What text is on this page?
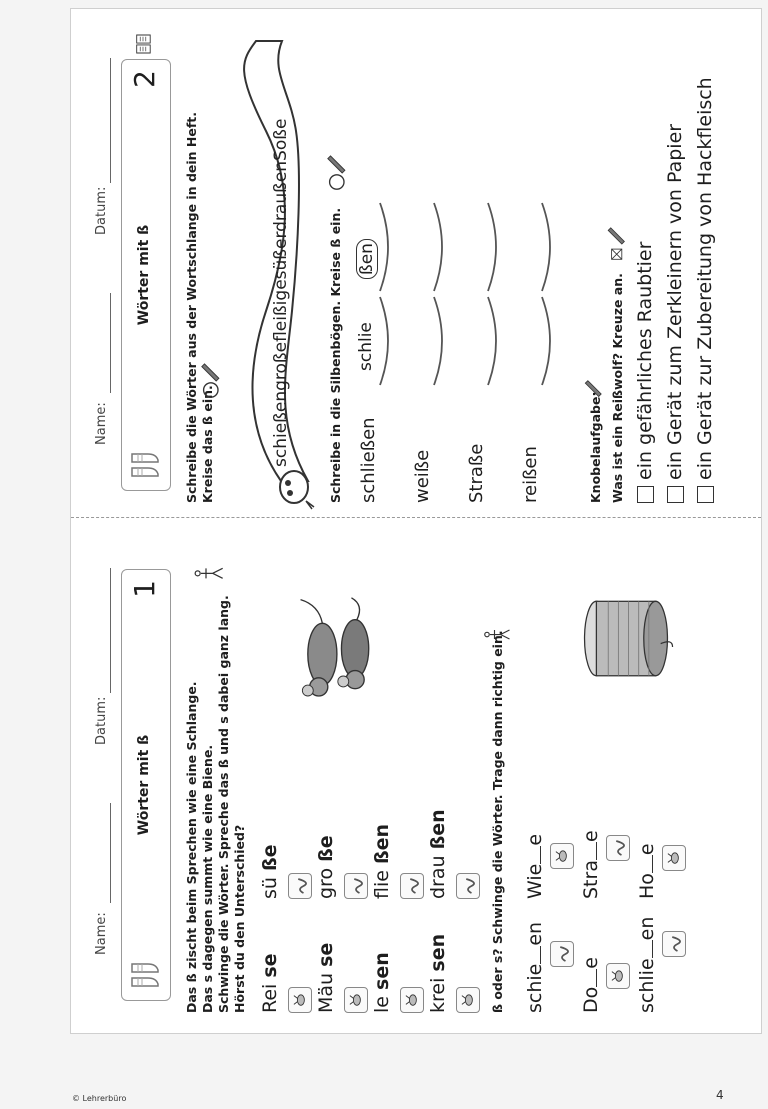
Name:
Datum:
Wörter mit ß
1
Das ß zischt beim Sprechen wie eine Schlange. Das s dagegen summt wie eine Biene. Schwinge die Wörter. Spreche das ß und s dabei ganz lang. Hörst du den Unterschied? Rei se
sü ße
Mäu se
gro ße
le sen
flie ßen
krei sen
drau ßen	ß oder s? Schwinge die Wörter. Trage dann richtig ein. schieen
Wiee
Doe
Strae
schlieen
Hoe
Name:
Datum:
Wörter mit ß
2
Schreibe die Wörter aus der Wortschlange in dein Heft. Kreise das ß ein.	schießengroßefleißigesüßerdraußenSoße	Schreibe in die Silbenbögen. Kreise ß ein. schließen weiße Straße reißen
schlie
ßen
Knobelaufgabe: Was ist ein Reißwolf? Kreuze an. ein gefährliches Raubtier ein Gerät zum Zerkleinern von Papier ein Gerät zur Zubereitung von Hackfleisch
© Lehrerbüro	4
